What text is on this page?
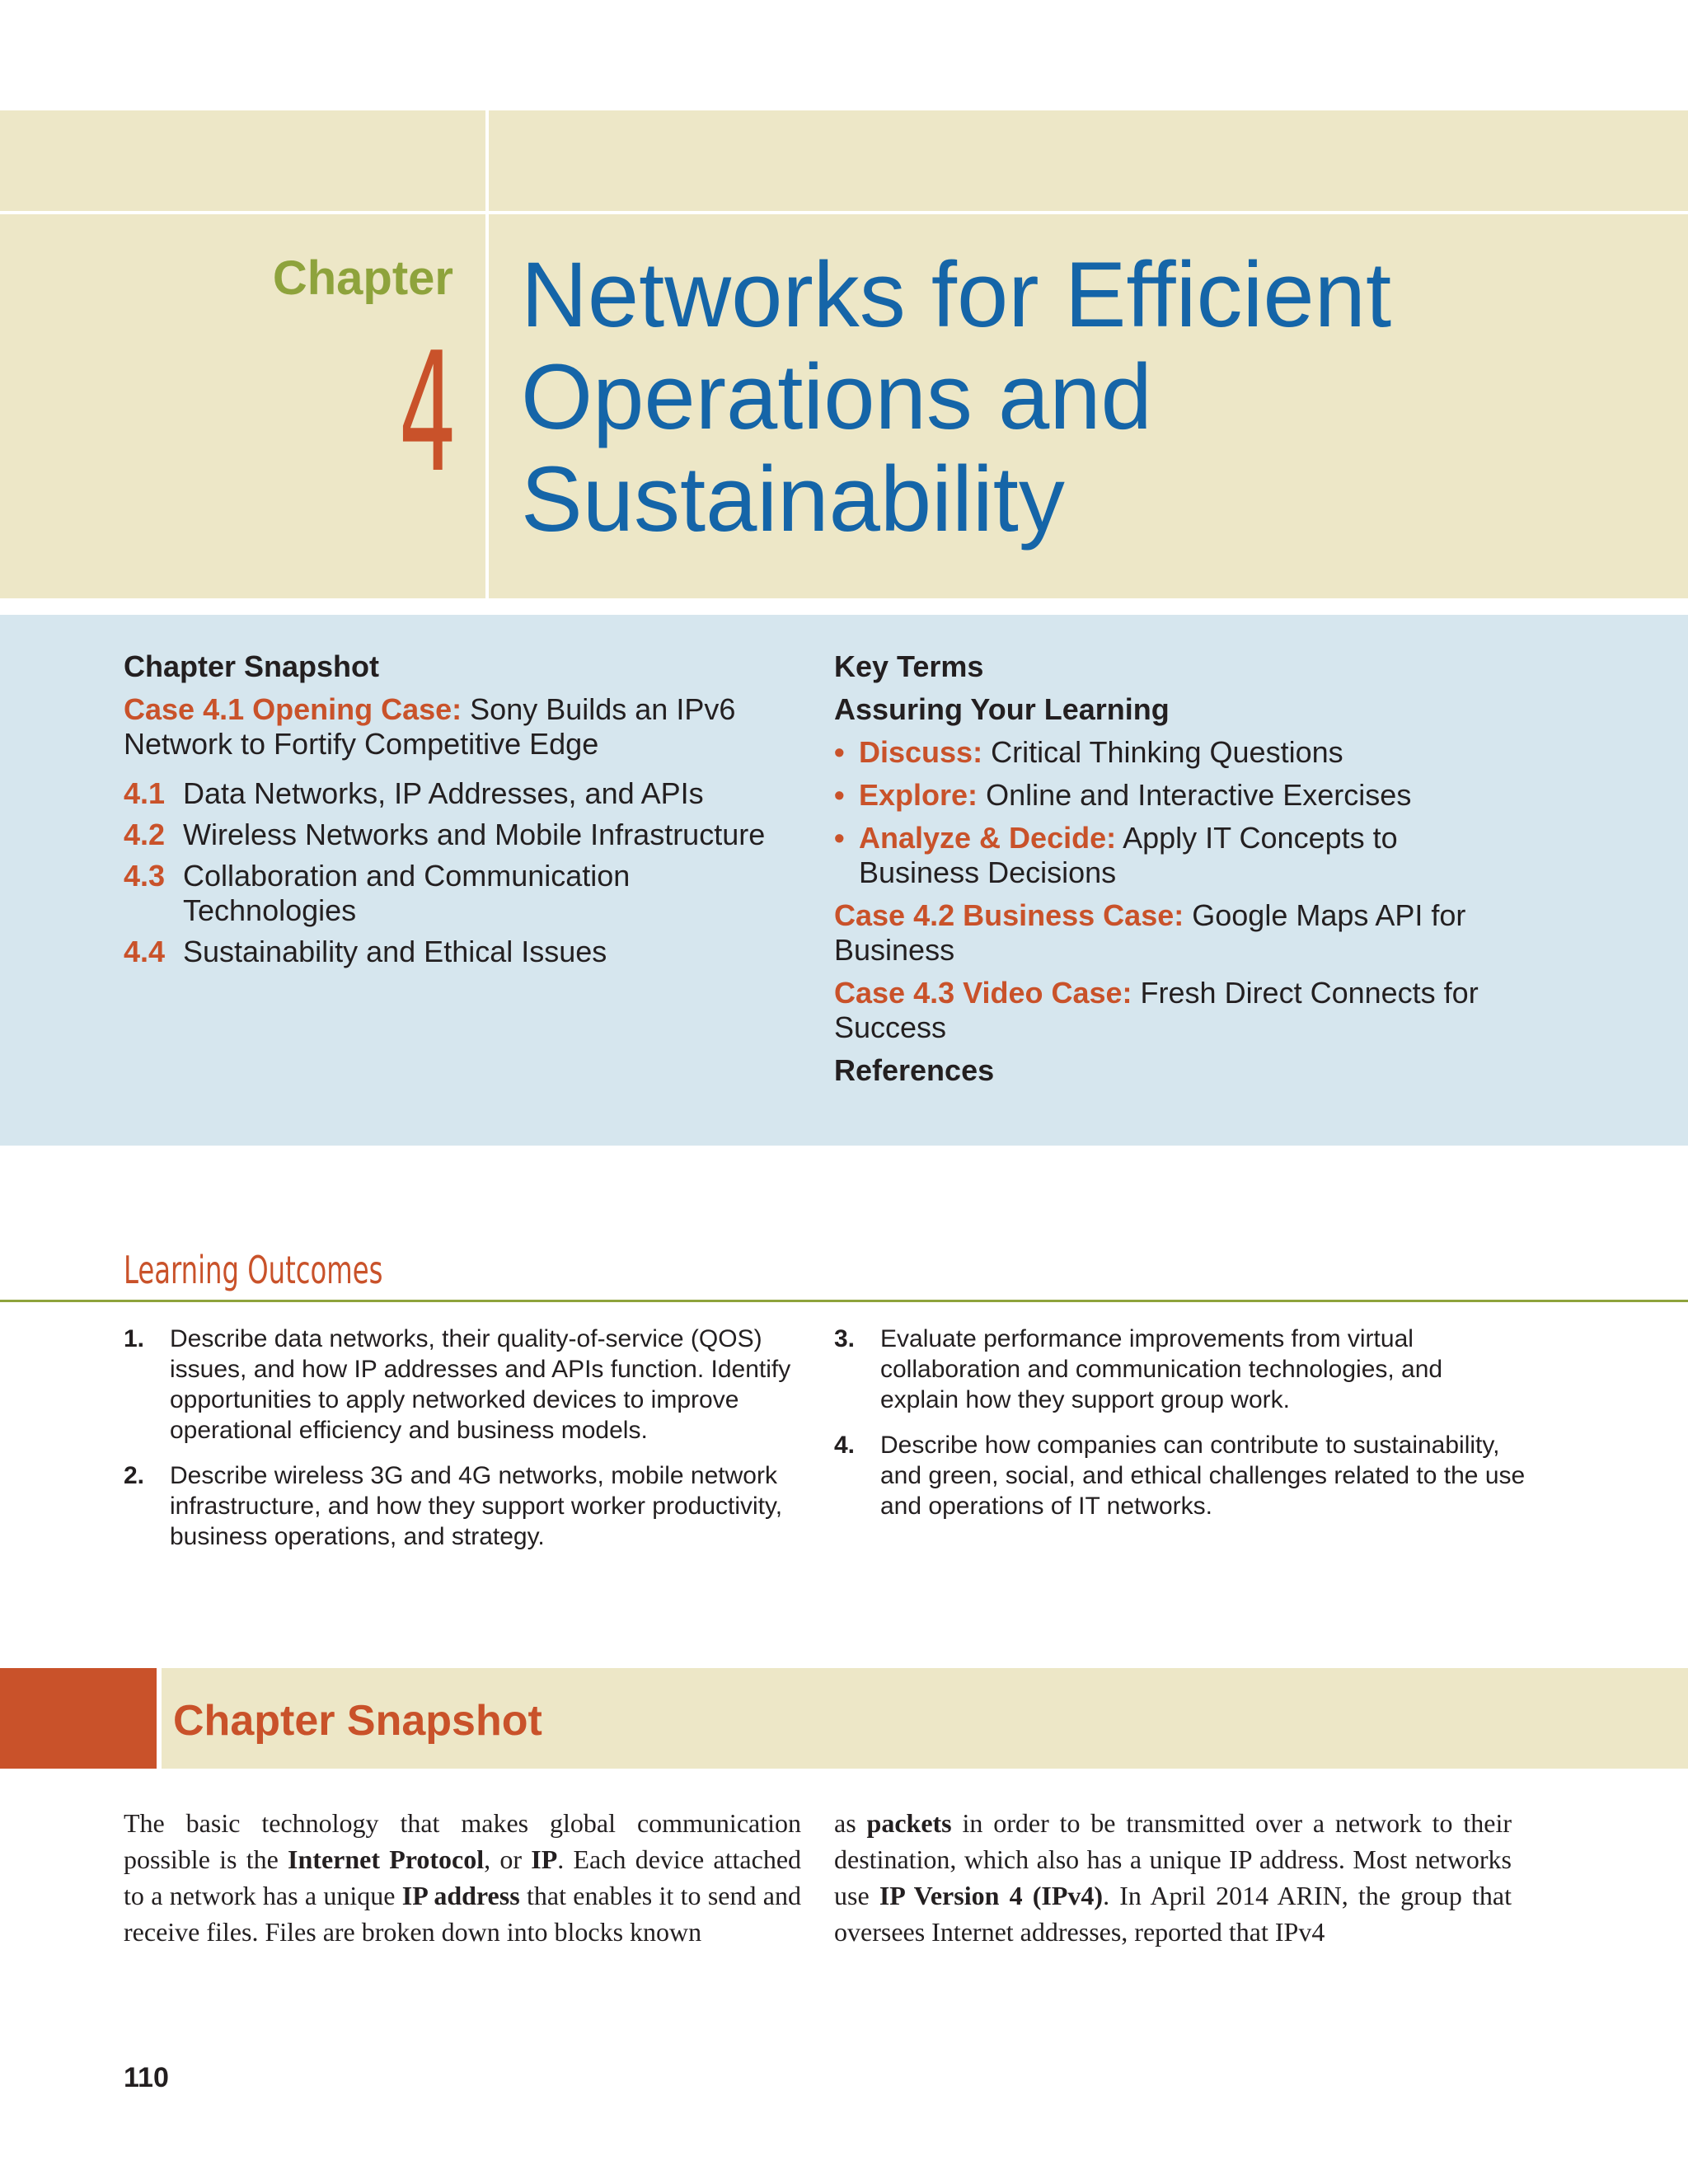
Chapter
4
Networks for Efficient
Operations and
Sustainability
Chapter Snapshot
Case 4.1 Opening Case: Sony Builds an IPv6 Network to Fortify Competitive Edge
4.1 Data Networks, IP Addresses, and APIs
4.2 Wireless Networks and Mobile Infrastructure
4.3 Collaboration and Communication Technologies
4.4 Sustainability and Ethical Issues
Key Terms
Assuring Your Learning
• Discuss: Critical Thinking Questions
• Explore: Online and Interactive Exercises
• Analyze & Decide: Apply IT Concepts to Business Decisions
Case 4.2 Business Case: Google Maps API for Business
Case 4.3 Video Case: Fresh Direct Connects for Success
References
Learning Outcomes
1.	Describe data networks, their quality-of-service (QOS) issues, and how IP addresses and APIs function. Identify opportunities to apply networked devices to improve operational efficiency and business models.
2.	Describe wireless 3G and 4G networks, mobile network infrastructure, and how they support worker productivity, business operations, and strategy.
3.	Evaluate performance improvements from virtual collaboration and communication technologies, and explain how they support group work.
4.	Describe how companies can contribute to sustainability, and green, social, and ethical challenges related to the use and operations of IT networks.
Chapter Snapshot
The basic technology that makes global communication possible is the Internet Protocol, or IP. Each device attached to a network has a unique IP address that enables it to send and receive files. Files are broken down into blocks known
as packets in order to be transmitted over a network to their destination, which also has a unique IP address. Most networks use IP Version 4 (IPv4). In April 2014 ARIN, the group that oversees Internet addresses, reported that IPv4
110
